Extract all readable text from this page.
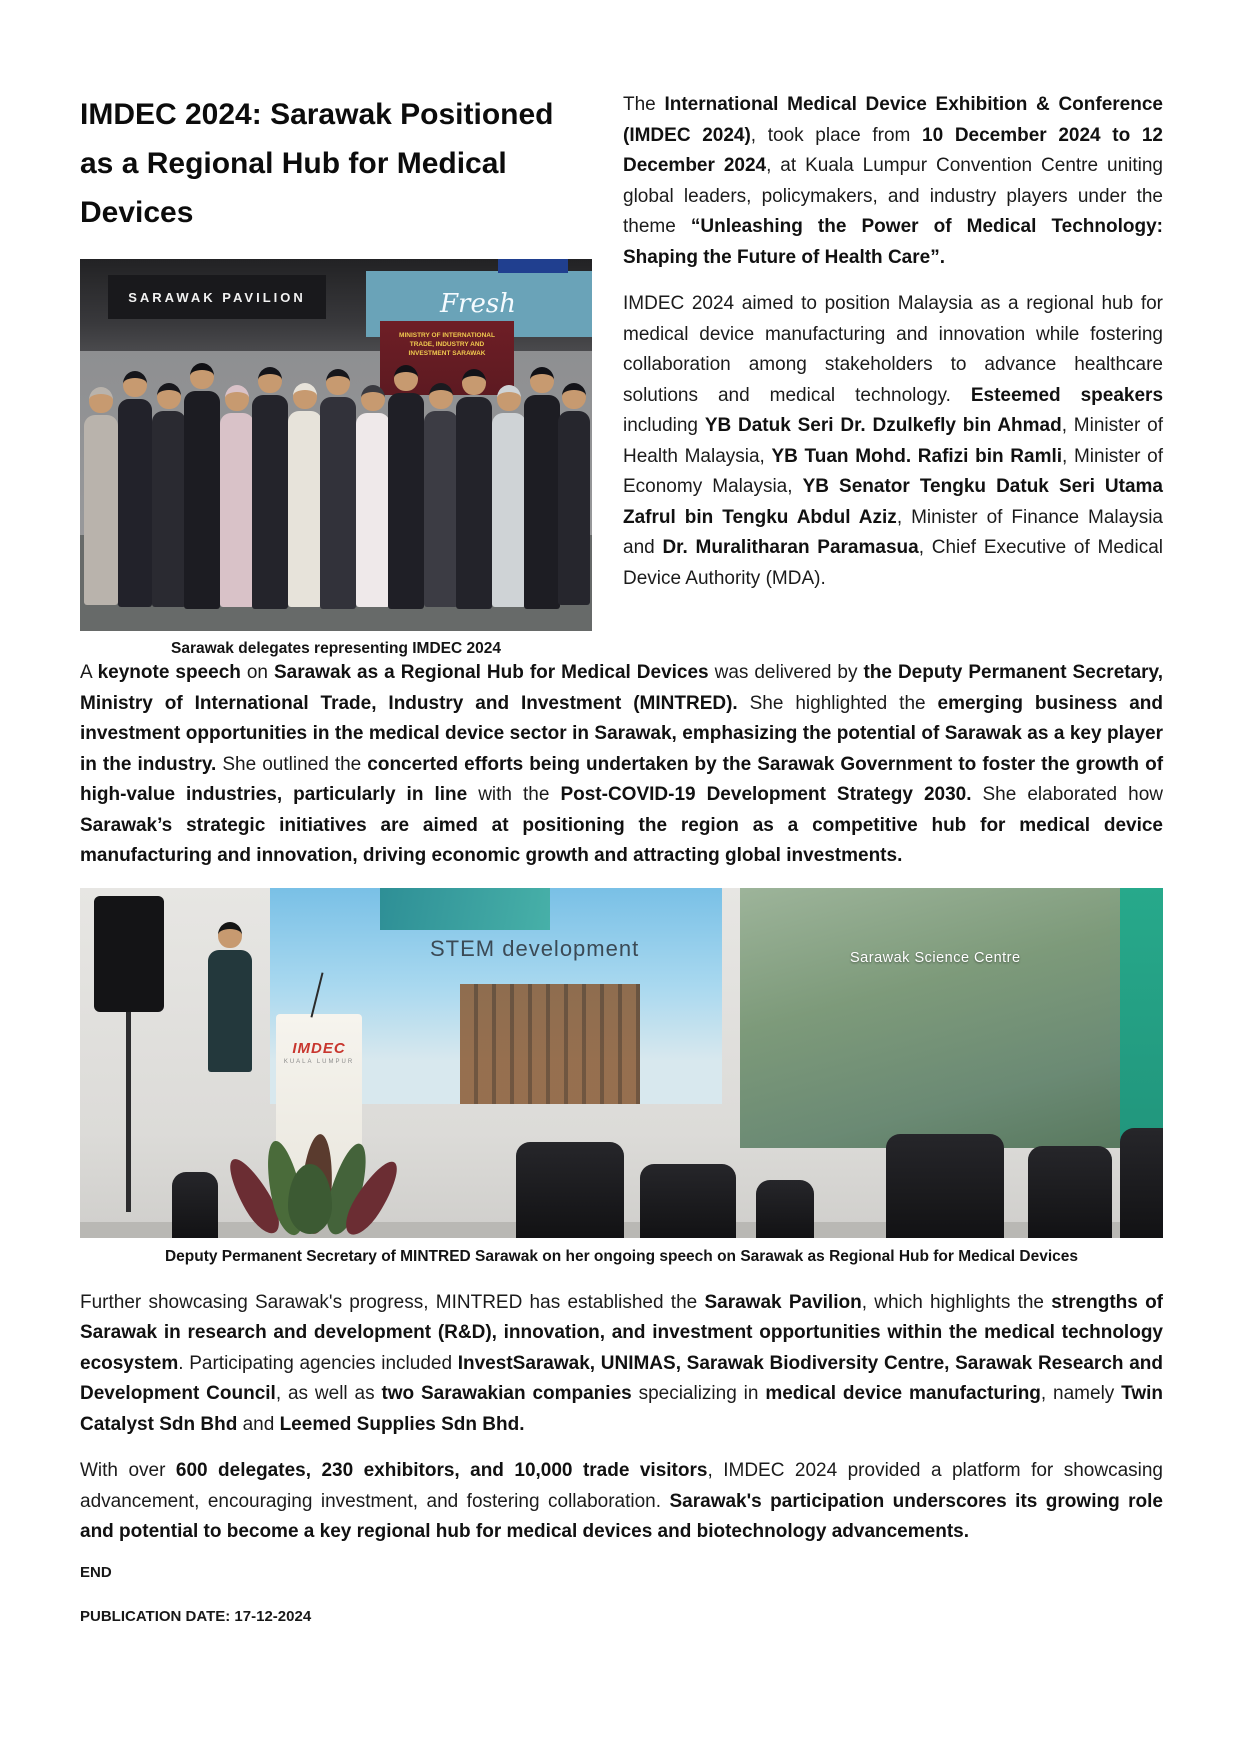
IMDEC 2024: Sarawak Positioned as a Regional Hub for Medical Devices
SARAWAK PAVILION	Fresh
MINISTRY OF INTERNATIONAL TRADE, INDUSTRY AND INVESTMENT SARAWAK
Sarawak delegates representing IMDEC 2024

The International Medical Device Exhibition & Conference (IMDEC 2024), took place from 10 December 2024 to 12 December 2024, at Kuala Lumpur Convention Centre uniting global leaders, policymakers, and industry players under the theme “Unleashing the Power of Medical Technology: Shaping the Future of Health Care”.

IMDEC 2024 aimed to position Malaysia as a regional hub for medical device manufacturing and innovation while fostering collaboration among stakeholders to advance healthcare solutions and medical technology. Esteemed speakers including YB Datuk Seri Dr. Dzulkefly bin Ahmad, Minister of Health Malaysia, YB Tuan Mohd. Rafizi bin Ramli, Minister of Economy Malaysia, YB Senator Tengku Datuk Seri Utama Zafrul bin Tengku Abdul Aziz, Minister of Finance Malaysia and Dr. Muralitharan Paramasua, Chief Executive of Medical Device Authority (MDA).

A keynote speech on Sarawak as a Regional Hub for Medical Devices was delivered by the Deputy Permanent Secretary, Ministry of International Trade, Industry and Investment (MINTRED). She highlighted the emerging business and investment opportunities in the medical device sector in Sarawak, emphasizing the potential of Sarawak as a key player in the industry. She outlined the concerted efforts being undertaken by the Sarawak Government to foster the growth of high-value industries, particularly in line with the Post-COVID-19 Development Strategy 2030. She elaborated how Sarawak’s strategic initiatives are aimed at positioning the region as a competitive hub for medical device manufacturing and innovation, driving economic growth and attracting global investments.

STEM development	Sarawak Science Centre
IMDEC
KUALA LUMPUR
Deputy Permanent Secretary of MINTRED Sarawak on her ongoing speech on Sarawak as Regional Hub for Medical Devices

Further showcasing Sarawak's progress, MINTRED has established the Sarawak Pavilion, which highlights the strengths of Sarawak in research and development (R&D), innovation, and investment opportunities within the medical technology ecosystem. Participating agencies included InvestSarawak, UNIMAS, Sarawak Biodiversity Centre, Sarawak Research and Development Council, as well as two Sarawakian companies specializing in medical device manufacturing, namely Twin Catalyst Sdn Bhd and Leemed Supplies Sdn Bhd.

With over 600 delegates, 230 exhibitors, and 10,000 trade visitors, IMDEC 2024 provided a platform for showcasing advancement, encouraging investment, and fostering collaboration. Sarawak's participation underscores its growing role and potential to become a key regional hub for medical devices and biotechnology advancements.

END

PUBLICATION DATE: 17-12-2024
